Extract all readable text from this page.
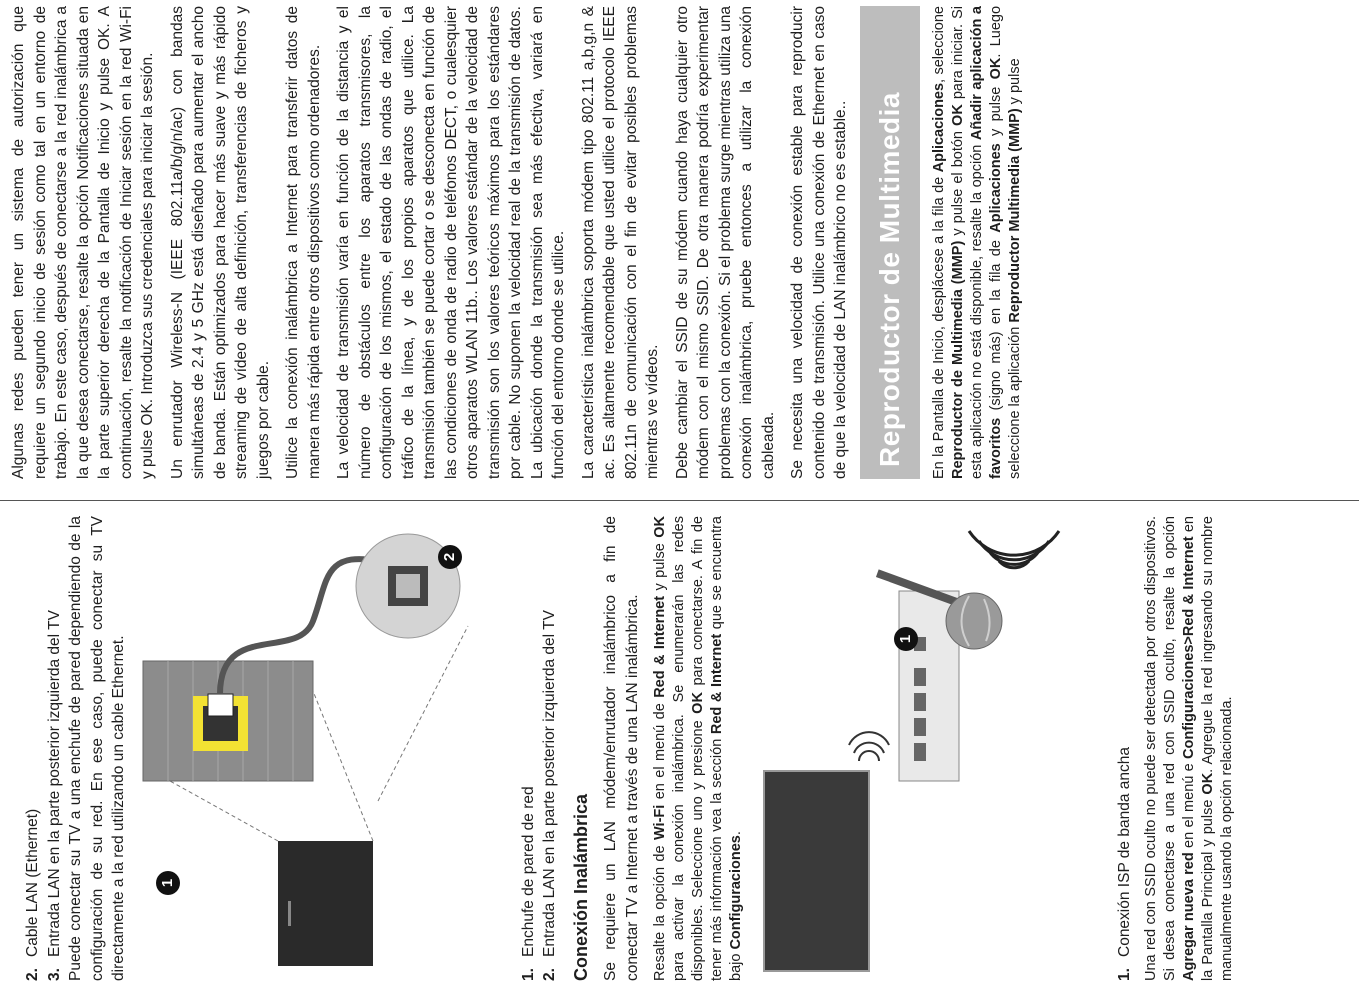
2.Cable LAN (Ethernet)

3.Entrada LAN en la parte posterior izquierda del TV Puede conectar su TV a una enchufe de pared dependiendo de la configuración de su red. En ese caso, puede conectar su TV directamente a la red utilizando un cable Ethernet. 1
2

1.Enchufe de pared de red

2.Entrada LAN en la parte posterior izquierda del TV Conexión Inalámbrica Se requiere un LAN módem/enrutador inalámbrico a fin de conectar TV a Internet a través de una LAN inalámbrica. Resalte la opción de Wi-Fi en el menú de Red & Internet y pulse OK para activar la conexión inalámbrica. Se enumerarán las redes disponibles. Seleccione uno y presione OK para conectarse. A fin de tener más información vea la sección Red & Internet que se encuentra bajo Configuraciones.

1

1.Conexión ISP de banda ancha Una red con SSID oculto no puede ser detectada por otros dispositivos. Si desea conectarse a una red con SSID oculto, resalte la opción Agregar nueva red en el menú e Configuraciones>Red & Internet en la Pantalla Principal y pulse OK. Agregue la red ingresando su nombre manualmente usando la opción relacionada.

Algunas redes pueden tener un sistema de autorización que requiere un segundo inicio de sesión como tal en un entorno de trabajo. En este caso, después de conectarse a la red inalámbrica a la que desea conectarse, resalte la opción Notificaciones situada en la parte superior derecha de la Pantalla de Inicio y pulse OK. A continuación, resalte la notificación de Iniciar sesión en la red Wi-Fi y pulse OK. Introduzca sus credenciales para iniciar la sesión. Un enrutador Wireless-N (IEEE 802.11a/b/g/n/ac) con bandas simultáneas de 2.4 y 5 GHz está diseñado para aumentar el ancho de banda. Están optimizados para hacer más suave y más rápido streaming de vídeo de alta definición, transferencias de ficheros y juegos por cable. Utilice la conexión inalámbrica a Internet para transferir datos de manera más rápida entre otros dispositivos como ordenadores. La velocidad de transmisión varía en función de la distancia y el número de obstáculos entre los aparatos transmisores, la configuración de los mismos, el estado de las ondas de radio, el tráfico de la línea, y de los propios aparatos que utilice. La transmisión también se puede cortar o se desconecta en función de las condiciones de onda de radio de teléfonos DECT, o cualesquier otros aparatos WLAN 11b.. Los valores estándar de la velocidad de transmisión son los valores teóricos máximos para los estándares por cable. No suponen la velocidad real de la transmisión de datos. La ubicación donde la transmisión sea más efectiva, variará en función del entorno donde se utilice. La característica inalámbrica soporta módem tipo 802.11 a,b,g,n & ac. Es altamente recomendable que usted utilice el protocolo IEEE 802.11n de comunicación con el fin de evitar posibles problemas mientras ve vídeos. Debe cambiar el SSID de su módem cuando haya cualquier otro módem con el mismo SSID. De otra manera podría experimentar problemas con la conexión. Si el problema surge mientras utiliza una conexión inalámbrica, pruebe entonces a utilizar la conexión cableada. Se necesita una velocidad de conexión estable para reproducir contenido de transmisión. Utilice una conexión de Ethernet en caso de que la velocidad de LAN inalámbrico no es estable.. Reproductor de Multimedia	En la Pantalla de Inicio, desplácese a la fila de Aplicaciones, seleccione Reproductor de Multimedia (MMP) y pulse el botón OK para iniciar. Si esta aplicación no está disponible, resalte la opción Añadir aplicación a favoritos (signo más) en la fila de Aplicaciones y pulse OK. Luego seleccione la aplicación Reproductor Multimedia (MMP) y pulse
